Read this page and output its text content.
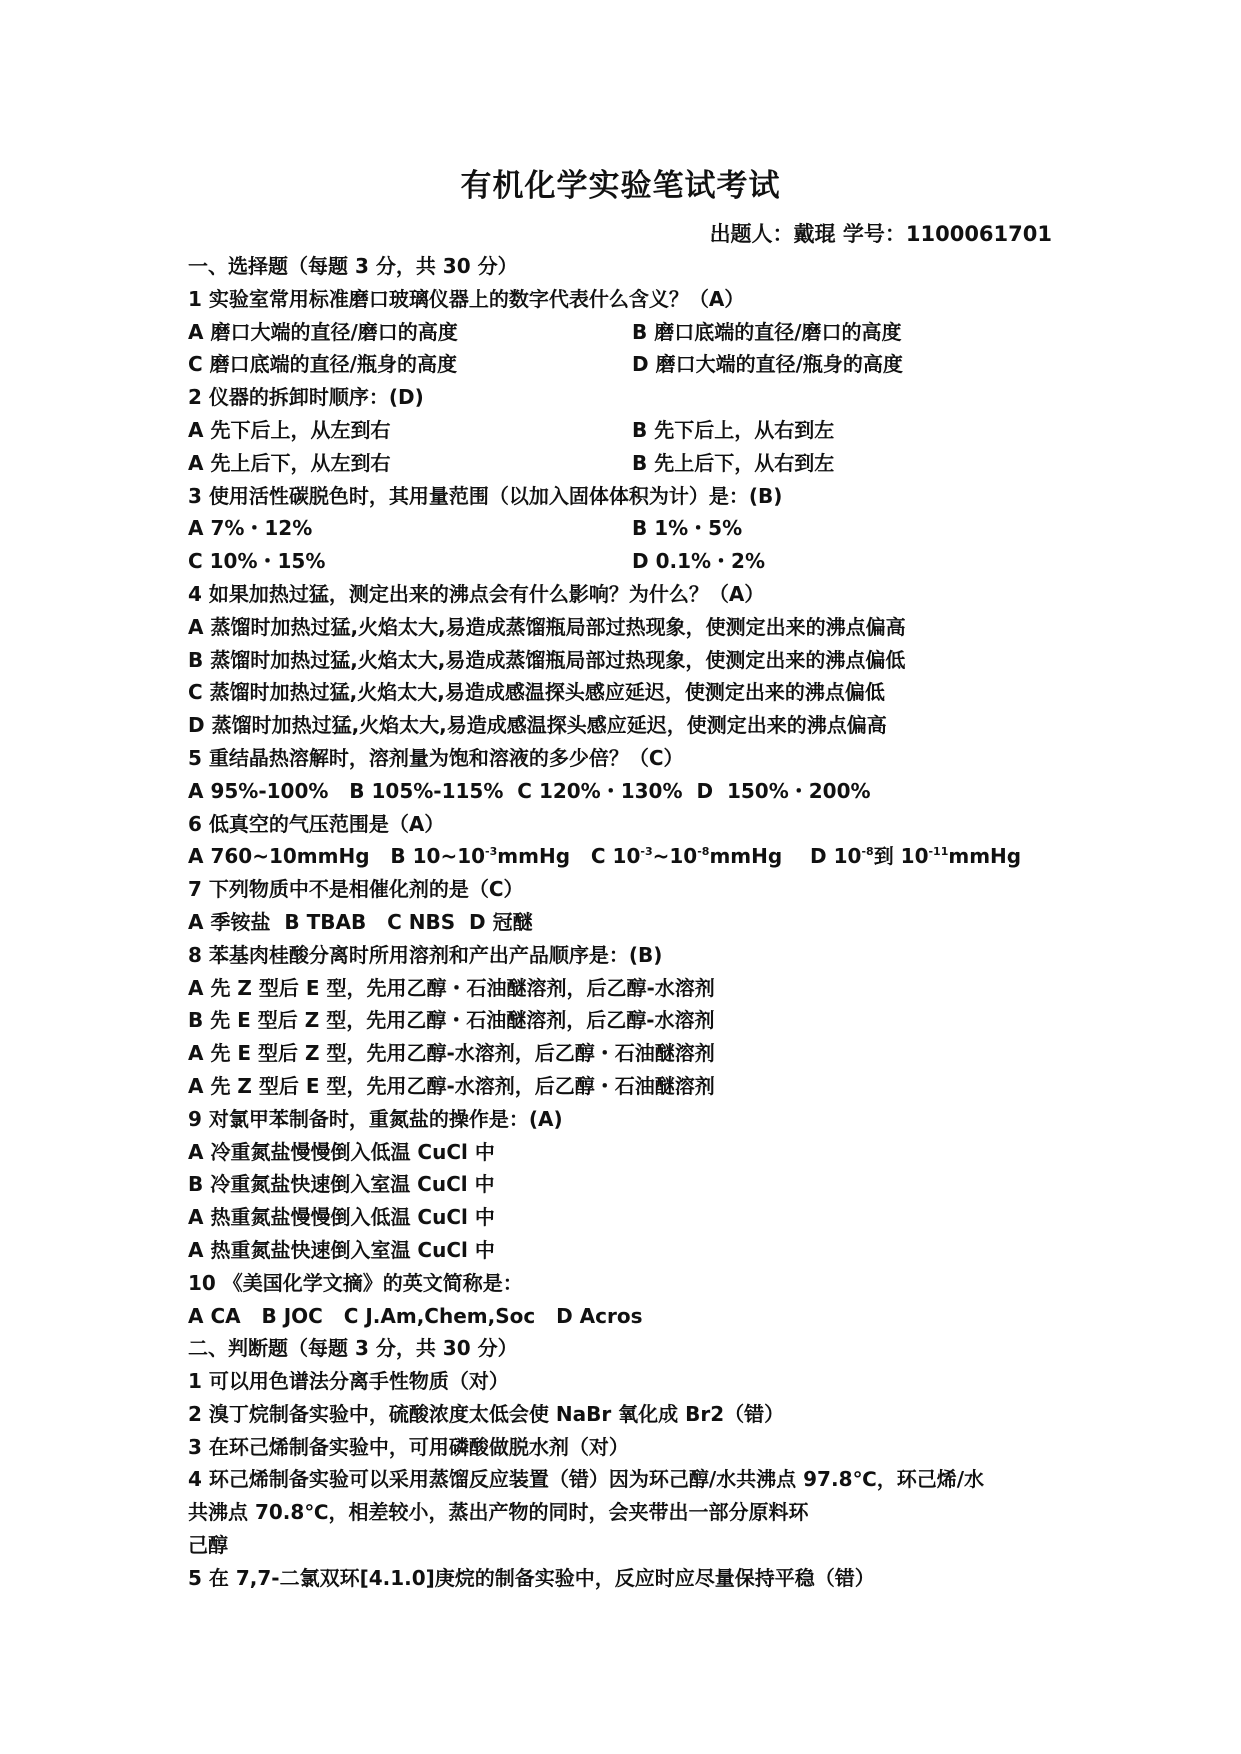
有机化学实验笔试考试
出题人：戴琨 学号：1100061701
一、选择题（每题 3 分，共 30 分）
1 实验室常用标准磨口玻璃仪器上的数字代表什么含义？（A）
A 磨口大端的直径/磨口的高度	B 磨口底端的直径/磨口的高度
C 磨口底端的直径/瓶身的高度	D 磨口大端的直径/瓶身的高度
2 仪器的拆卸时顺序：(D)
A 先下后上，从左到右	B 先下后上，从右到左
A 先上后下，从左到右	B 先上后下，从右到左
3 使用活性碳脱色时，其用量范围（以加入固体体积为计）是：(B)
A 7%・12%	B 1%・5%
C 10%・15%	D 0.1%・2%
4 如果加热过猛，测定出来的沸点会有什么影响？为什么？（A）
A 蒸馏时加热过猛,火焰太大,易造成蒸馏瓶局部过热现象，使测定出来的沸点偏高
B 蒸馏时加热过猛,火焰太大,易造成蒸馏瓶局部过热现象，使测定出来的沸点偏低
C 蒸馏时加热过猛,火焰太大,易造成感温探头感应延迟，使测定出来的沸点偏低
D 蒸馏时加热过猛,火焰太大,易造成感温探头感应延迟，使测定出来的沸点偏高
5 重结晶热溶解时，溶剂量为饱和溶液的多少倍？（C）
A 95%-100%   B 105%-115%  C 120%・130%  D  150%・200%
6 低真空的气压范围是（A）
A 760~10mmHg B $10\sim 10^{-3}mmHg$ C $10^{-3}\sim 10^{-8}mmHg$ D $10^{-8}$到 $10^{-11}mmHg$
7 下列物质中不是相催化剂的是（C）
A 季铵盐  B TBAB   C NBS  D 冠醚
8 苯基肉桂酸分离时所用溶剂和产出产品顺序是：(B)
A 先 Z 型后 E 型，先用乙醇・石油醚溶剂，后乙醇-水溶剂
B 先 E 型后 Z 型，先用乙醇・石油醚溶剂，后乙醇-水溶剂
A 先 E 型后 Z 型，先用乙醇-水溶剂，后乙醇・石油醚溶剂
A 先 Z 型后 E 型，先用乙醇-水溶剂，后乙醇・石油醚溶剂
9 对氯甲苯制备时，重氮盐的操作是：(A)
A 冷重氮盐慢慢倒入低温 CuCl 中
B 冷重氮盐快速倒入室温 CuCl 中
A 热重氮盐慢慢倒入低温 CuCl 中
A 热重氮盐快速倒入室温 CuCl 中
10 《美国化学文摘》的英文简称是：
A CA   B JOC   C J.Am,Chem,Soc   D Acros
二、判断题（每题 3 分，共 30 分）
1 可以用色谱法分离手性物质（对）
2 溴丁烷制备实验中，硫酸浓度太低会使 NaBr 氧化成 Br2（错）
3 在环己烯制备实验中，可用磷酸做脱水剂（对）
4 环己烯制备实验可以采用蒸馏反应装置（错）因为环己醇/水共沸点 97.8℃，环己烯/水
共沸点 70.8℃，相差较小，蒸出产物的同时，会夹带出一部分原料环
己醇
5 在 7,7-二氯双环[4.1.0]庚烷的制备实验中，反应时应尽量保持平稳（错）
